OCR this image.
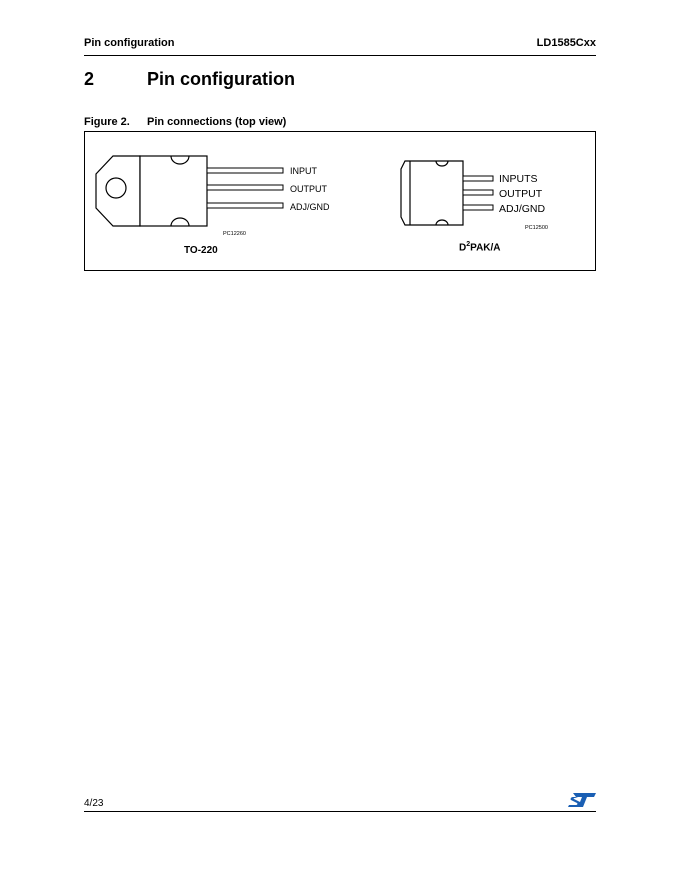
Pin configuration	LD1585Cxx
2	Pin configuration
Figure 2. Pin connections (top view)
INPUT
OUTPUT
ADJ/GND
PC12260
INPUTS
OUTPUT
ADJ/GND
PC12500
TO-220	$D^2PAK/A$
4/23
